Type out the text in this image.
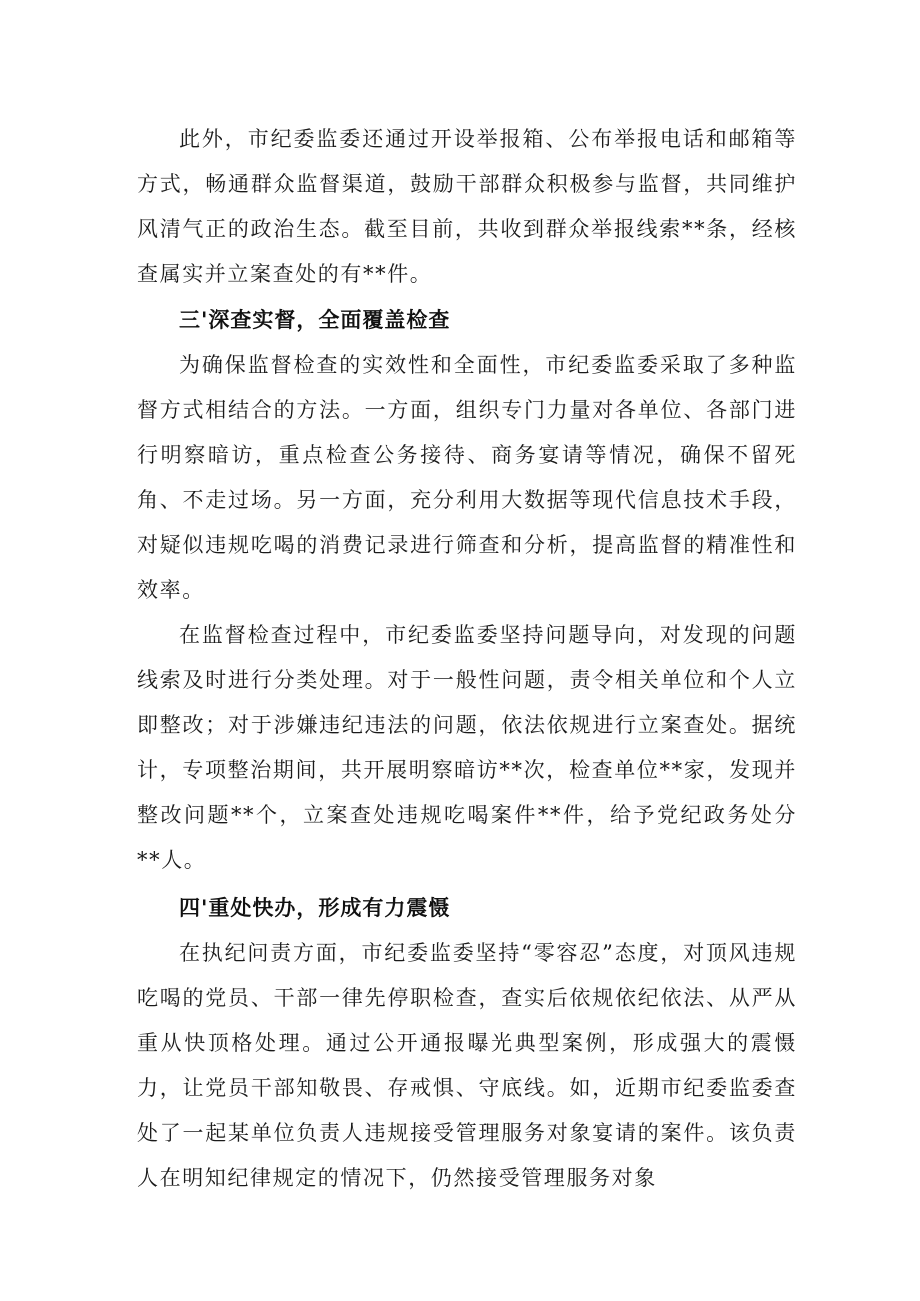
此外，市纪委监委还通过开设举报箱、公布举报电话和邮箱等方式，畅通群众监督渠道，鼓励干部群众积极参与监督，共同维护风清气正的政治生态。截至目前，共收到群众举报线索**条，经核查属实并立案查处的有**件。

三'深查实督，全面覆盖检查

为确保监督检查的实效性和全面性，市纪委监委采取了多种监督方式相结合的方法。一方面，组织专门力量对各单位、各部门进行明察暗访，重点检查公务接待、商务宴请等情况，确保不留死角、不走过场。另一方面，充分利用大数据等现代信息技术手段，对疑似违规吃喝的消费记录进行筛查和分析，提高监督的精准性和效率。

在监督检查过程中，市纪委监委坚持问题导向，对发现的问题线索及时进行分类处理。对于一般性问题，责令相关单位和个人立即整改；对于涉嫌违纪违法的问题，依法依规进行立案查处。据统计，专项整治期间，共开展明察暗访**次，检查单位**家，发现并整改问题**个，立案查处违规吃喝案件**件，给予党纪政务处分**人。

四'重处快办，形成有力震慑

在执纪问责方面，市纪委监委坚持“零容忍”态度，对顶风违规吃喝的党员、干部一律先停职检查，查实后依规依纪依法、从严从重从快顶格处理。通过公开通报曝光典型案例，形成强大的震慑力，让党员干部知敬畏、存戒惧、守底线。如，近期市纪委监委查处了一起某单位负责人违规接受管理服务对象宴请的案件。该负责人在明知纪律规定的情况下，仍然接受管理服务对象
